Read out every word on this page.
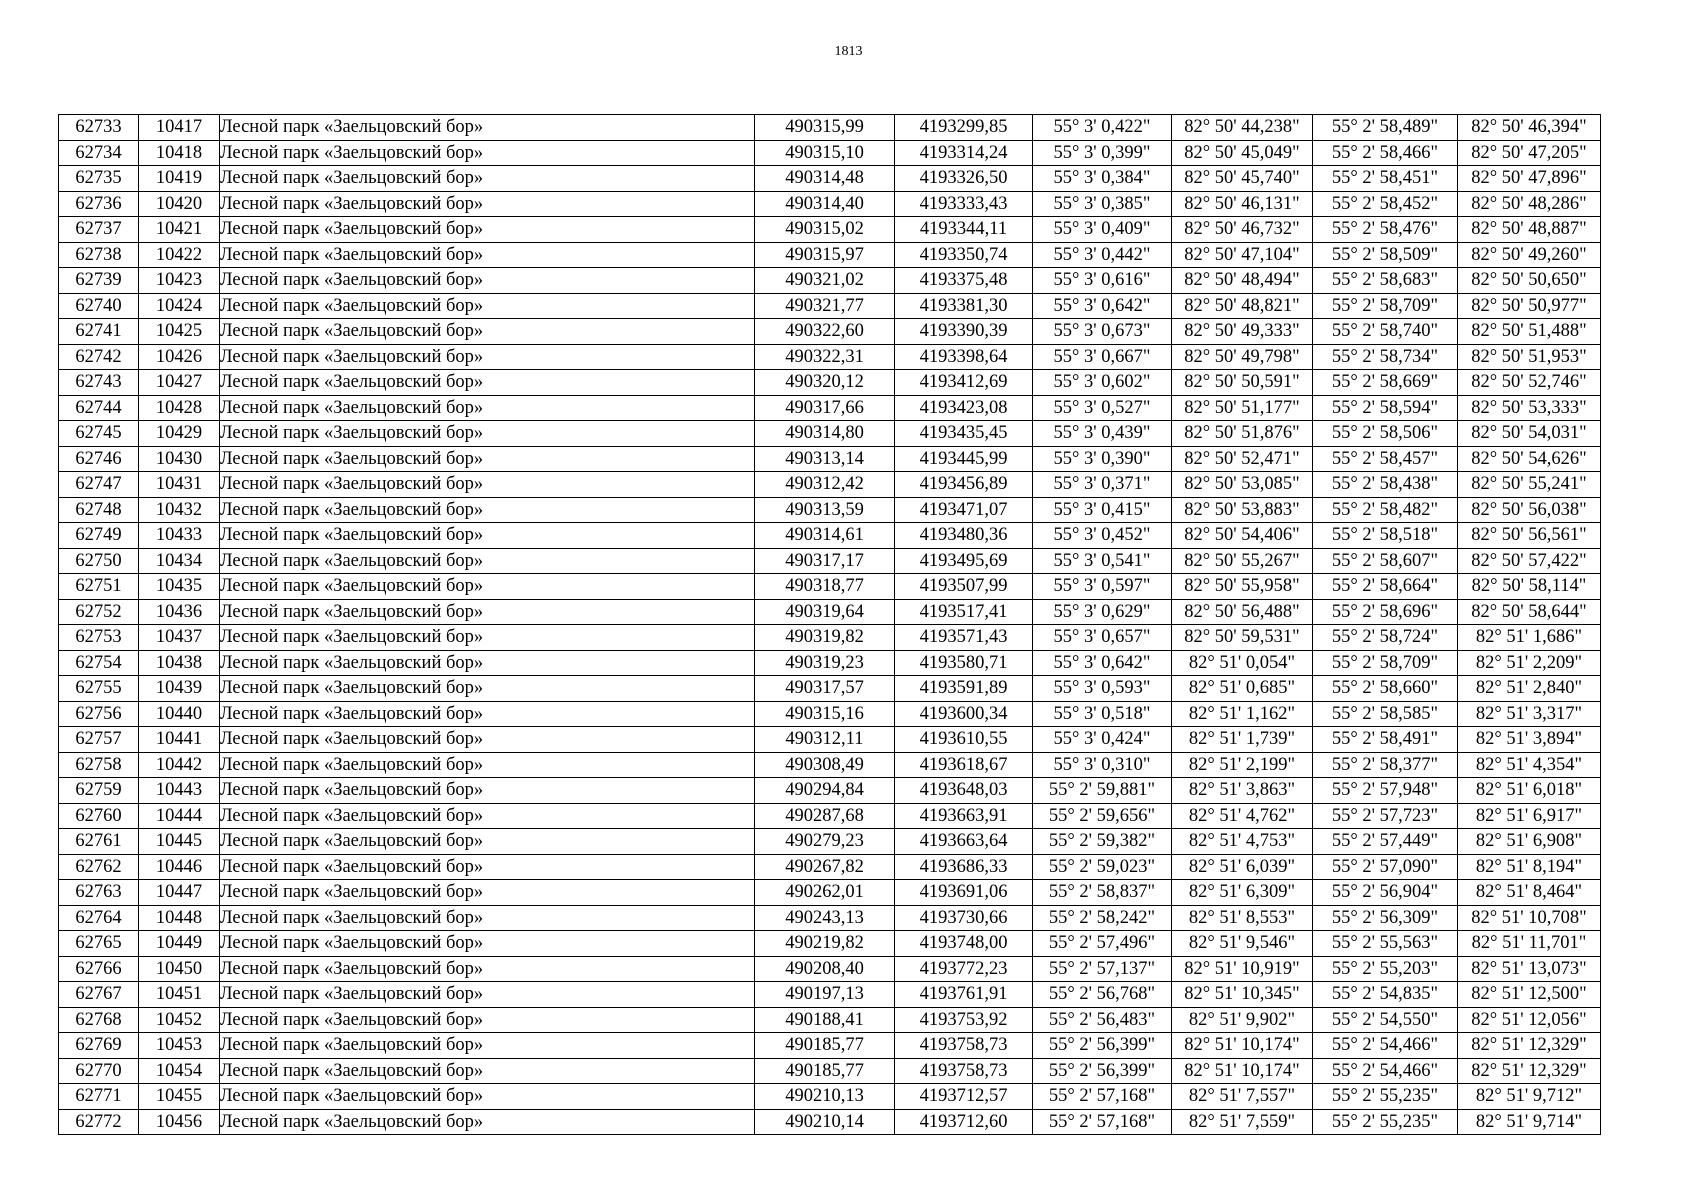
1813
62733	10417	Лесной парк «Заельцовский бор»	490315,99	4193299,85	55° 3' 0,422"	82° 50' 44,238"	55° 2' 58,489"	82° 50' 46,394"
62734	10418	Лесной парк «Заельцовский бор»	490315,10	4193314,24	55° 3' 0,399"	82° 50' 45,049"	55° 2' 58,466"	82° 50' 47,205"
62735	10419	Лесной парк «Заельцовский бор»	490314,48	4193326,50	55° 3' 0,384"	82° 50' 45,740"	55° 2' 58,451"	82° 50' 47,896"
62736	10420	Лесной парк «Заельцовский бор»	490314,40	4193333,43	55° 3' 0,385"	82° 50' 46,131"	55° 2' 58,452"	82° 50' 48,286"
62737	10421	Лесной парк «Заельцовский бор»	490315,02	4193344,11	55° 3' 0,409"	82° 50' 46,732"	55° 2' 58,476"	82° 50' 48,887"
62738	10422	Лесной парк «Заельцовский бор»	490315,97	4193350,74	55° 3' 0,442"	82° 50' 47,104"	55° 2' 58,509"	82° 50' 49,260"
62739	10423	Лесной парк «Заельцовский бор»	490321,02	4193375,48	55° 3' 0,616"	82° 50' 48,494"	55° 2' 58,683"	82° 50' 50,650"
62740	10424	Лесной парк «Заельцовский бор»	490321,77	4193381,30	55° 3' 0,642"	82° 50' 48,821"	55° 2' 58,709"	82° 50' 50,977"
62741	10425	Лесной парк «Заельцовский бор»	490322,60	4193390,39	55° 3' 0,673"	82° 50' 49,333"	55° 2' 58,740"	82° 50' 51,488"
62742	10426	Лесной парк «Заельцовский бор»	490322,31	4193398,64	55° 3' 0,667"	82° 50' 49,798"	55° 2' 58,734"	82° 50' 51,953"
62743	10427	Лесной парк «Заельцовский бор»	490320,12	4193412,69	55° 3' 0,602"	82° 50' 50,591"	55° 2' 58,669"	82° 50' 52,746"
62744	10428	Лесной парк «Заельцовский бор»	490317,66	4193423,08	55° 3' 0,527"	82° 50' 51,177"	55° 2' 58,594"	82° 50' 53,333"
62745	10429	Лесной парк «Заельцовский бор»	490314,80	4193435,45	55° 3' 0,439"	82° 50' 51,876"	55° 2' 58,506"	82° 50' 54,031"
62746	10430	Лесной парк «Заельцовский бор»	490313,14	4193445,99	55° 3' 0,390"	82° 50' 52,471"	55° 2' 58,457"	82° 50' 54,626"
62747	10431	Лесной парк «Заельцовский бор»	490312,42	4193456,89	55° 3' 0,371"	82° 50' 53,085"	55° 2' 58,438"	82° 50' 55,241"
62748	10432	Лесной парк «Заельцовский бор»	490313,59	4193471,07	55° 3' 0,415"	82° 50' 53,883"	55° 2' 58,482"	82° 50' 56,038"
62749	10433	Лесной парк «Заельцовский бор»	490314,61	4193480,36	55° 3' 0,452"	82° 50' 54,406"	55° 2' 58,518"	82° 50' 56,561"
62750	10434	Лесной парк «Заельцовский бор»	490317,17	4193495,69	55° 3' 0,541"	82° 50' 55,267"	55° 2' 58,607"	82° 50' 57,422"
62751	10435	Лесной парк «Заельцовский бор»	490318,77	4193507,99	55° 3' 0,597"	82° 50' 55,958"	55° 2' 58,664"	82° 50' 58,114"
62752	10436	Лесной парк «Заельцовский бор»	490319,64	4193517,41	55° 3' 0,629"	82° 50' 56,488"	55° 2' 58,696"	82° 50' 58,644"
62753	10437	Лесной парк «Заельцовский бор»	490319,82	4193571,43	55° 3' 0,657"	82° 50' 59,531"	55° 2' 58,724"	82° 51' 1,686"
62754	10438	Лесной парк «Заельцовский бор»	490319,23	4193580,71	55° 3' 0,642"	82° 51' 0,054"	55° 2' 58,709"	82° 51' 2,209"
62755	10439	Лесной парк «Заельцовский бор»	490317,57	4193591,89	55° 3' 0,593"	82° 51' 0,685"	55° 2' 58,660"	82° 51' 2,840"
62756	10440	Лесной парк «Заельцовский бор»	490315,16	4193600,34	55° 3' 0,518"	82° 51' 1,162"	55° 2' 58,585"	82° 51' 3,317"
62757	10441	Лесной парк «Заельцовский бор»	490312,11	4193610,55	55° 3' 0,424"	82° 51' 1,739"	55° 2' 58,491"	82° 51' 3,894"
62758	10442	Лесной парк «Заельцовский бор»	490308,49	4193618,67	55° 3' 0,310"	82° 51' 2,199"	55° 2' 58,377"	82° 51' 4,354"
62759	10443	Лесной парк «Заельцовский бор»	490294,84	4193648,03	55° 2' 59,881"	82° 51' 3,863"	55° 2' 57,948"	82° 51' 6,018"
62760	10444	Лесной парк «Заельцовский бор»	490287,68	4193663,91	55° 2' 59,656"	82° 51' 4,762"	55° 2' 57,723"	82° 51' 6,917"
62761	10445	Лесной парк «Заельцовский бор»	490279,23	4193663,64	55° 2' 59,382"	82° 51' 4,753"	55° 2' 57,449"	82° 51' 6,908"
62762	10446	Лесной парк «Заельцовский бор»	490267,82	4193686,33	55° 2' 59,023"	82° 51' 6,039"	55° 2' 57,090"	82° 51' 8,194"
62763	10447	Лесной парк «Заельцовский бор»	490262,01	4193691,06	55° 2' 58,837"	82° 51' 6,309"	55° 2' 56,904"	82° 51' 8,464"
62764	10448	Лесной парк «Заельцовский бор»	490243,13	4193730,66	55° 2' 58,242"	82° 51' 8,553"	55° 2' 56,309"	82° 51' 10,708"
62765	10449	Лесной парк «Заельцовский бор»	490219,82	4193748,00	55° 2' 57,496"	82° 51' 9,546"	55° 2' 55,563"	82° 51' 11,701"
62766	10450	Лесной парк «Заельцовский бор»	490208,40	4193772,23	55° 2' 57,137"	82° 51' 10,919"	55° 2' 55,203"	82° 51' 13,073"
62767	10451	Лесной парк «Заельцовский бор»	490197,13	4193761,91	55° 2' 56,768"	82° 51' 10,345"	55° 2' 54,835"	82° 51' 12,500"
62768	10452	Лесной парк «Заельцовский бор»	490188,41	4193753,92	55° 2' 56,483"	82° 51' 9,902"	55° 2' 54,550"	82° 51' 12,056"
62769	10453	Лесной парк «Заельцовский бор»	490185,77	4193758,73	55° 2' 56,399"	82° 51' 10,174"	55° 2' 54,466"	82° 51' 12,329"
62770	10454	Лесной парк «Заельцовский бор»	490185,77	4193758,73	55° 2' 56,399"	82° 51' 10,174"	55° 2' 54,466"	82° 51' 12,329"
62771	10455	Лесной парк «Заельцовский бор»	490210,13	4193712,57	55° 2' 57,168"	82° 51' 7,557"	55° 2' 55,235"	82° 51' 9,712"
62772	10456	Лесной парк «Заельцовский бор»	490210,14	4193712,60	55° 2' 57,168"	82° 51' 7,559"	55° 2' 55,235"	82° 51' 9,714"
